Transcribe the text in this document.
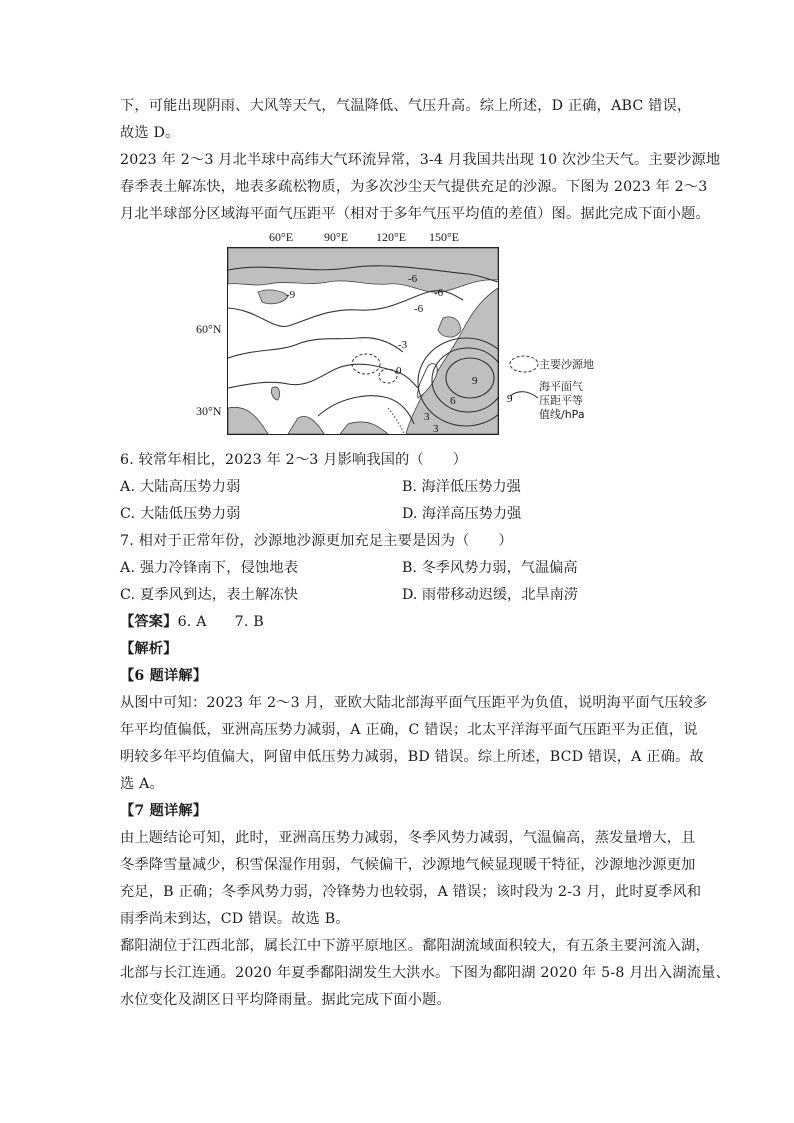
下，可能出现阴雨、大风等天气，气温降低、气压升高。综上所述，D 正确，ABC 错误，
故选 D。
2023 年 2～3 月北半球中高纬大气环流异常，3-4 月我国共出现 10 次沙尘天气。主要沙源地
春季表土解冻快，地表多疏松物质，为多次沙尘天气提供充足的沙源。下图为 2023 年 2～3
月北半球部分区域海平面气压距平（相对于多年气压平均值的差值）图。据此完成下面小题。
60°E	90°E 120°E 150°E
60°N
30°N
-6
-9
-6
-6
-3
0
3
6
9
3
9
主要沙源地
海平面气
压距平等
值线/hPa
6. 较常年相比，2023 年 2～3 月影响我国的（　　）
A. 大陆高压势力弱	B. 海洋低压势力强
C. 大陆低压势力弱	D. 海洋高压势力强
7. 相对于正常年份，沙源地沙源更加充足主要是因为（　　）
A. 强力冷锋南下，侵蚀地表	B. 冬季风势力弱，气温偏高
C. 夏季风到达，表土解冻快	D. 雨带移动迟缓，北旱南涝
【答案】6. A 7. B
【解析】
【6 题详解】
从图中可知：2023 年 2～3 月，亚欧大陆北部海平面气压距平为负值，说明海平面气压较多
年平均值偏低，亚洲高压势力减弱，A 正确，C 错误；北太平洋海平面气压距平为正值，说
明较多年平均值偏大，阿留申低压势力减弱，BD 错误。综上所述，BCD 错误，A 正确。故
选 A。
【7 题详解】
由上题结论可知，此时，亚洲高压势力减弱，冬季风势力减弱，气温偏高，蒸发量增大，且
冬季降雪量减少，积雪保湿作用弱，气候偏干，沙源地气候显现暖干特征，沙源地沙源更加
充足，B 正确；冬季风势力弱，冷锋势力也较弱，A 错误；该时段为 2-3 月，此时夏季风和
雨季尚未到达，CD 错误。故选 B。
鄱阳湖位于江西北部，属长江中下游平原地区。鄱阳湖流域面积较大，有五条主要河流入湖，
北部与长江连通。2020 年夏季鄱阳湖发生大洪水。下图为鄱阳湖 2020 年 5-8 月出入湖流量、
水位变化及湖区日平均降雨量。据此完成下面小题。
